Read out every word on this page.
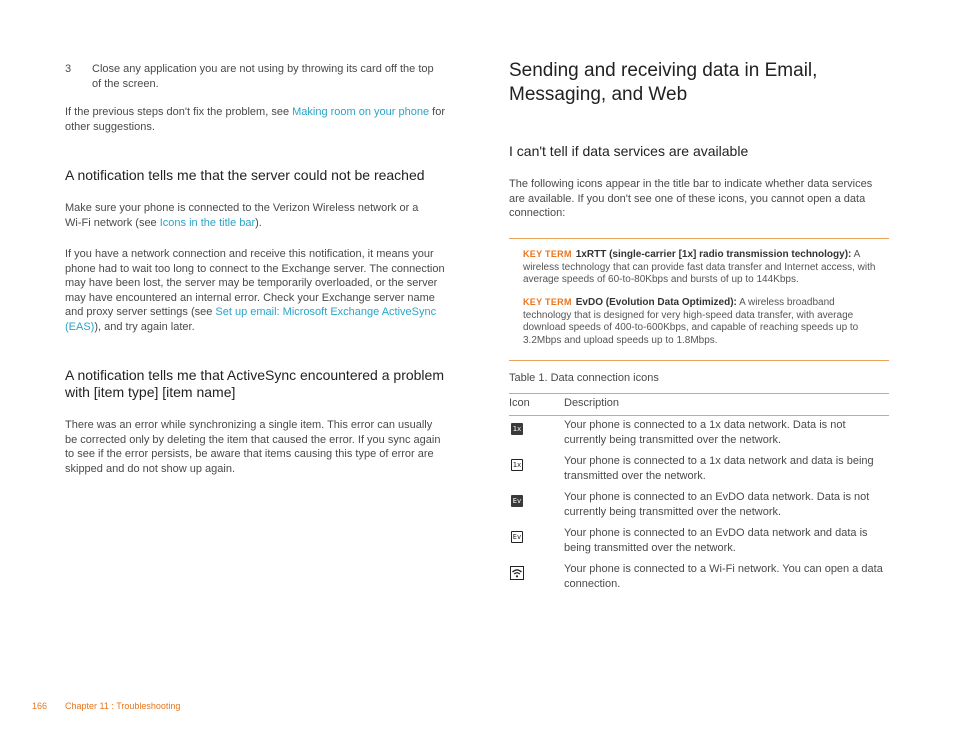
3 Close any application you are not using by throwing its card off the top of the screen.
If the previous steps don't fix the problem, see Making room on your phone for other suggestions.
A notification tells me that the server could not be reached
Make sure your phone is connected to the Verizon Wireless network or a Wi-Fi network (see Icons in the title bar).
If you have a network connection and receive this notification, it means your phone had to wait too long to connect to the Exchange server. The connection may have been lost, the server may be temporarily overloaded, or the server may have encountered an internal error. Check your Exchange server name and proxy server settings (see Set up email: Microsoft Exchange ActiveSync (EAS)), and try again later.
A notification tells me that ActiveSync encountered a problem with [item type] [item name]
There was an error while synchronizing a single item. This error can usually be corrected only by deleting the item that caused the error. If you sync again to see if the error persists, be aware that items causing this type of error are skipped and do not show up again.
Sending and receiving data in Email, Messaging, and Web
I can't tell if data services are available
The following icons appear in the title bar to indicate whether data services are available. If you don't see one of these icons, you cannot open a data connection:
KEY TERM 1xRTT (single-carrier [1x] radio transmission technology): A wireless technology that can provide fast data transfer and Internet access, with average speeds of 60-to-80Kbps and bursts of up to 144Kbps.
KEY TERM EvDO (Evolution Data Optimized): A wireless broadband technology that is designed for very high-speed data transfer, with average download speeds of 400-to-600Kbps, and capable of reaching speeds up to 3.2Mbps and upload speeds up to 1.8Mbps.
Table 1. Data connection icons
Icon	Description
1x	Your phone is connected to a 1x data network. Data is not currently being transmitted over the network.
1x	Your phone is connected to a 1x data network and data is being transmitted over the network.
Ev	Your phone is connected to an EvDO data network. Data is not currently being transmitted over the network.
Ev	Your phone is connected to an EvDO data network and data is being transmitted over the network.
Your phone is connected to a Wi-Fi network. You can open a data connection.
166 Chapter 11 : Troubleshooting
